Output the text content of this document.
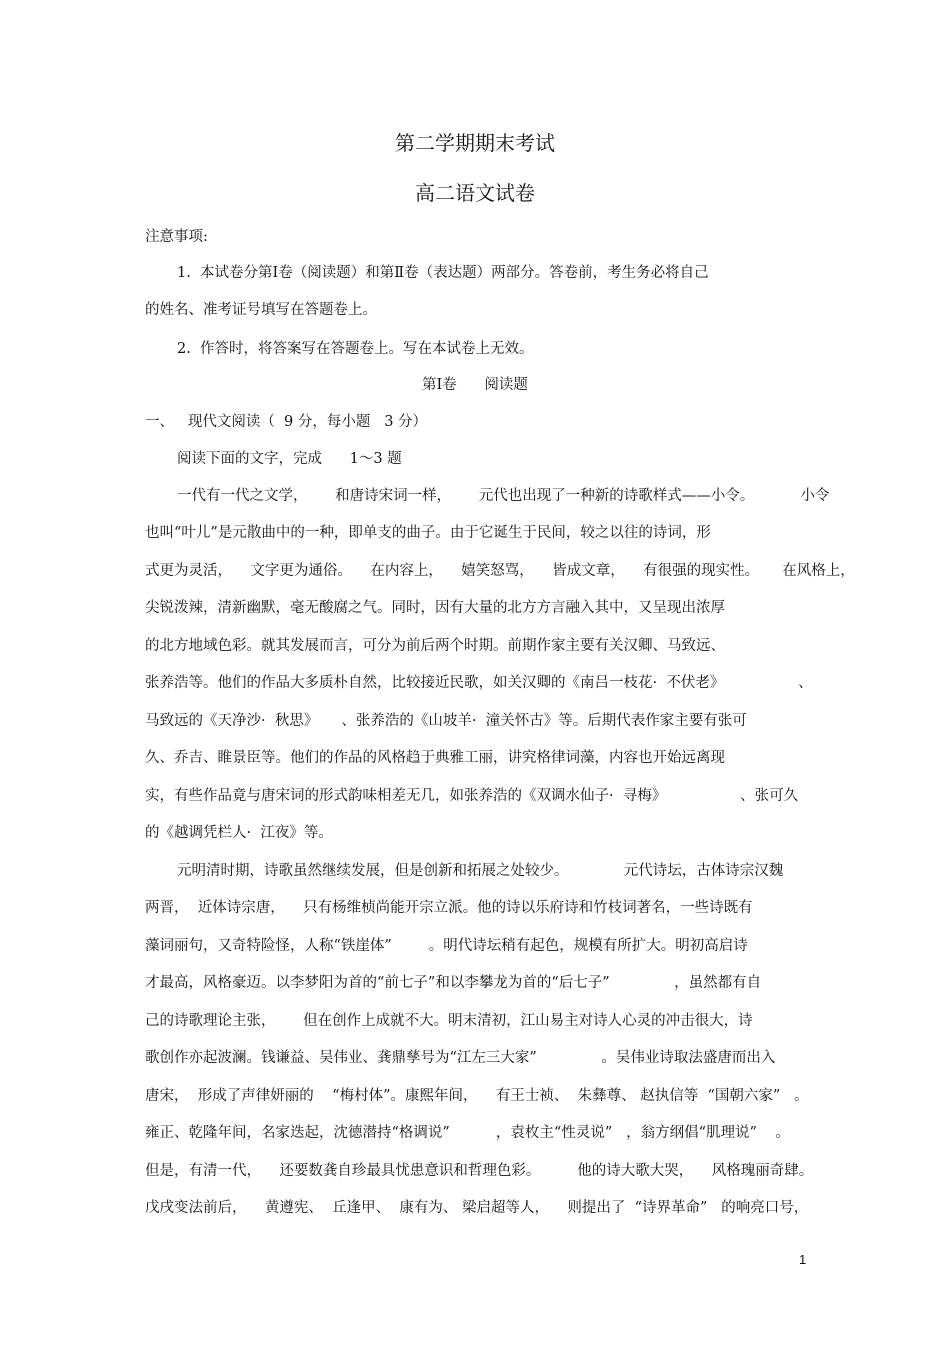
第二学期期末考试
高二语文试卷
注意事项:
1.  本试卷分第Ⅰ卷（阅读题）和第Ⅱ卷（表达题）两部分。答卷前，考生务必将自己
的姓名、准考证号填写在答题卷上。
2.  作答时，将答案写在答题卷上。写在本试卷上无效。
第Ⅰ卷      阅读题
一、   现代文阅读（  9 分，每小题   3 分）
阅读下面的文字，完成      1～3 题
一代有一代之文学，      和唐诗宋词一样，      元代也出现了一种新的诗歌样式——小令。          小令
也叫“叶儿”是元散曲中的一种，即单支的曲子。由于它诞生于民间，较之以往的诗词，形
式更为灵活，    文字更为通俗。    在内容上，    嬉笑怒骂，    皆成文章，    有很强的现实性。     在风格上，
尖锐泼辣，清新幽默，毫无酸腐之气。同时，因有大量的北方方言融入其中，又呈现出浓厚
的北方地域色彩。就其发展而言，可分为前后两个时期。前期作家主要有关汉卿、马致远、
张养浩等。他们的作品大多质朴自然，比较接近民歌，如关汉卿的《南吕一枝花·  不伏老》                、
马致远的《天净沙·  秋思》     、张养浩的《山坡羊·  潼关怀古》等。后期代表作家主要有张可
久、乔吉、睢景臣等。他们的作品的风格趋于典雅工丽，讲究格律词藻，内容也开始远离现
实，有些作品竟与唐宋词的形式韵味相差无几，如张养浩的《双调水仙子·  寻梅》                、张可久
的《越调凭栏人·  江夜》等。
元明清时期，诗歌虽然继续发展，但是创新和拓展之处较少。            元代诗坛，古体诗宗汉魏
两晋，  近体诗宗唐，    只有杨维桢尚能开宗立派。他的诗以乐府诗和竹枝词著名，一些诗既有
藻词丽句，又奇特险怪，人称“铁崖体”        。明代诗坛稍有起色，规模有所扩大。明初高启诗
才最高，风格豪迈。以李梦阳为首的“前七子”和以李攀龙为首的“后七子”              ，虽然都有自
己的诗歌理论主张，      但在创作上成就不大。明末清初，江山易主对诗人心灵的冲击很大，诗
歌创作亦起波澜。钱谦益、吴伟业、龚鼎孳号为“江左三大家”              。吴伟业诗取法盛唐而出入
唐宋，  形成了声律妍丽的    “梅村体”。康熙年间，    有王士祯、  朱彝尊、 赵执信等  “国朝六家”   。
雍正、乾隆年间，名家迭起，沈德潜持“格调说”          ，袁枚主“性灵说”   ，翁方纲倡“肌理说”    。
但是，有清一代，    还要数龚自珍最具忧患意识和哲理色彩。        他的诗大歌大哭，    风格瑰丽奇肆。
戊戌变法前后，    黄遵宪、  丘逢甲、  康有为、 梁启超等人，    则提出了  “诗界革命”   的响亮口号，
1
